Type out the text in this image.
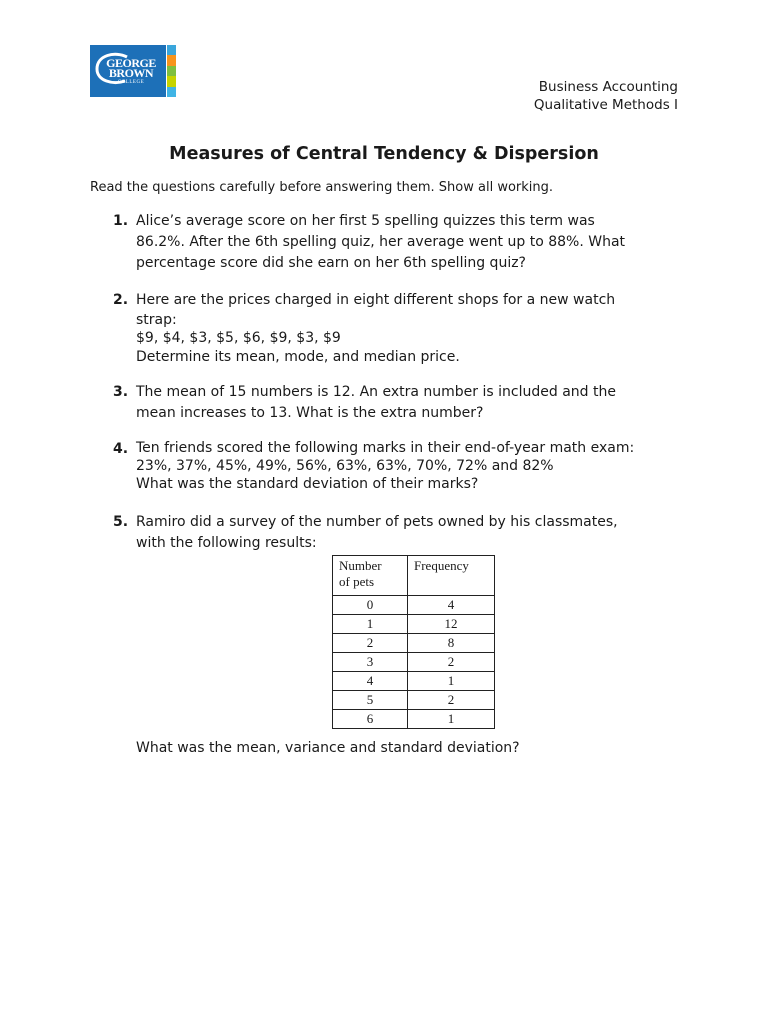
GEORGE
BROWN
COLLEGE	Business Accounting
Qualitative Methods I
Measures of Central Tendency & Dispersion
Read the questions carefully before answering them. Show all working.
1. Alice’s average score on her first 5 spelling quizzes this term was
86.2%. After the 6th spelling quiz, her average went up to 88%. What
percentage score did she earn on her 6th spelling quiz?
2. Here are the prices charged in eight different shops for a new watch
strap:
$9, $4, $3, $5, $6, $9, $3, $9
Determine its mean, mode, and median price.
3. The mean of 15 numbers is 12. An extra number is included and the
mean increases to 13. What is the extra number?
4. Ten friends scored the following marks in their end-of-year math exam:
23%, 37%, 45%, 49%, 56%, 63%, 63%, 70%, 72% and 82%
What was the standard deviation of their marks?
5. Ramiro did a survey of the number of pets owned by his classmates,
with the following results:
Number
of pets	Frequency
0	4
1	12
2	8
3	2
4	1
5	2
6	1
What was the mean, variance and standard deviation?
